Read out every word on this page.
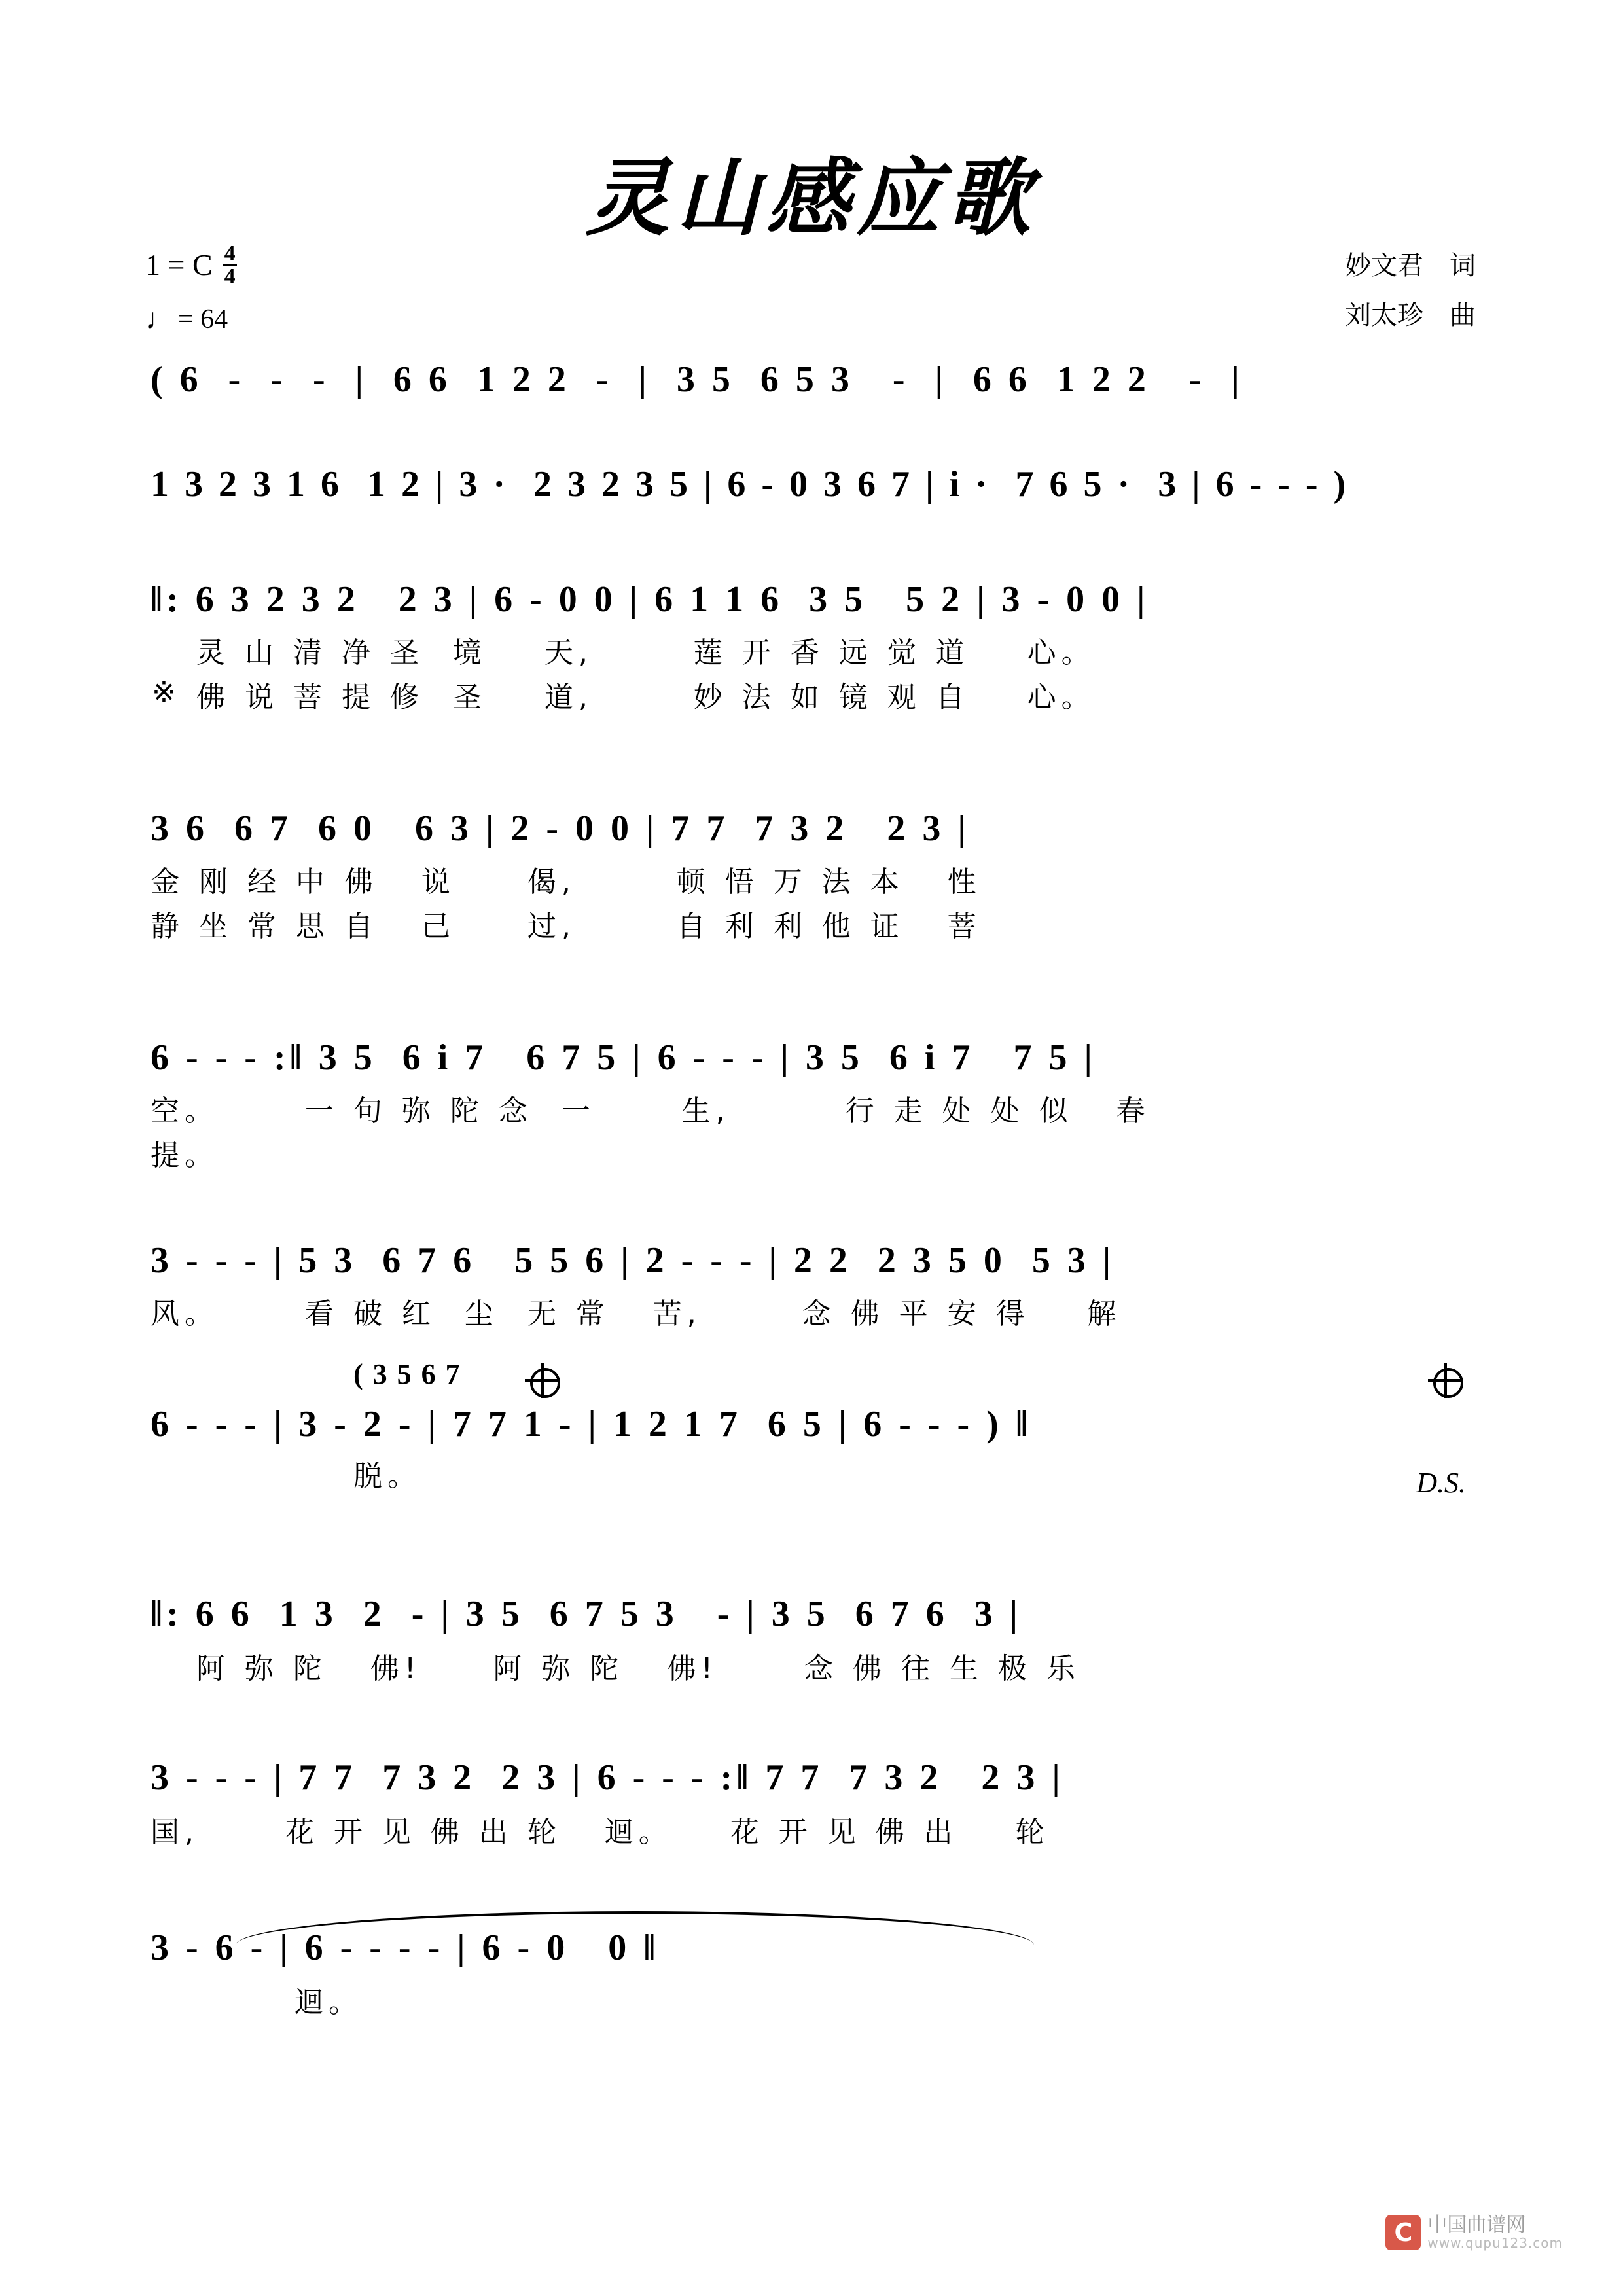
灵山感应歌
1 = C $\frac{4}{4}$
♩ = 64
妙文君　词
刘太珍　曲
( 6  -  -  -  |  6 6  1 2 2  -  |  3 5  6 5 3   -  |  6 6  1 2 2   -  |
1 3 2 3 1 6  1 2 | 3 ·  2 3 2 3 5 | 6 - 0 3 6 7 | i ·  7 6 5 ·  3 | 6 - - - )
‖: 6 3 2 3 2   2 3 | 6 - 0 0 | 6 1 1 6  3 5   5 2 | 3 - 0 0 |
灵 山 清 净 圣  境    天,       莲 开 香 远 觉 道    心。
※ 佛 说 菩 提 修  圣    道,       妙 法 如 镜 观 自    心。
3 6  6 7  6 0   6 3 | 2 - 0 0 | 7 7  7 3 2   2 3 |
金 刚 经 中 佛   说     偈,       顿 悟 万 法 本   性
静 坐 常 思 自   己     过,       自 利 利 他 证   菩
6 - - - :‖ 3 5  6 i 7   6 7 5 | 6 - - - | 3 5  6 i 7   7 5 |
空。      一 句 弥 陀 念  一      生,        行 走 处 处 似   春
提。
3 - - - | 5 3  6 7 6   5 5 6 | 2 - - - | 2 2  2 3 5 0  5 3 |
风。      看 破 红  尘  无 常   苦,       念 佛 平 安 得    解
( 3 5 6 7
6 - - - | 3 - 2 - | 7 7 1 - | 1 2 1 7  6 5 | 6 - - - ) ‖
脱。	D.S.
‖: 6 6  1 3  2  - | 3 5  6 7 5 3   - | 3 5  6 7 6  3 |
阿 弥 陀   佛!     阿 弥 陀   佛!      念 佛 往 生 极 乐
3 - - - | 7 7  7 3 2  2 3 | 6 - - - :‖ 7 7  7 3 2   2 3 |
国,      花 开 见 佛 出 轮   迴。    花 开 见 佛 出    轮
3 - 6 - | 6 - - - - | 6 - 0   0 ‖
迴。
C 中国曲谱网
www.qupu123.com
